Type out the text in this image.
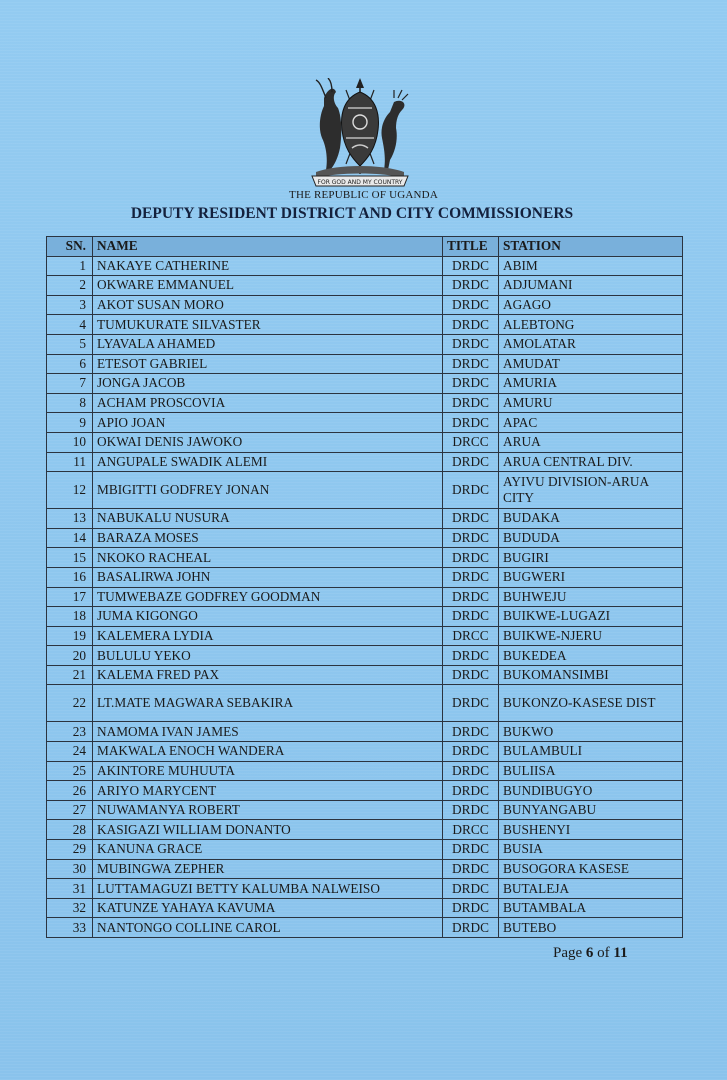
FOR GOD AND MY COUNTRY
THE REPUBLIC OF UGANDA
DEPUTY RESIDENT DISTRICT AND CITY COMMISSIONERS
SN.	NAME	TITLE	STATION
1	NAKAYE CATHERINE	DRDC	ABIM
2	OKWARE EMMANUEL	DRDC	ADJUMANI
3	AKOT SUSAN MORO	DRDC	AGAGO
4	TUMUKURATE SILVASTER	DRDC	ALEBTONG
5	LYAVALA AHAMED	DRDC	AMOLATAR
6	ETESOT GABRIEL	DRDC	AMUDAT
7	JONGA JACOB	DRDC	AMURIA
8	ACHAM PROSCOVIA	DRDC	AMURU
9	APIO JOAN	DRDC	APAC
10	OKWAI DENIS JAWOKO	DRCC	ARUA
11	ANGUPALE SWADIK ALEMI	DRDC	ARUA CENTRAL DIV.
12	MBIGITTI GODFREY JONAN	DRDC	AYIVU DIVISION-ARUA CITY
13	NABUKALU NUSURA	DRDC	BUDAKA
14	BARAZA MOSES	DRDC	BUDUDA
15	NKOKO RACHEAL	DRDC	BUGIRI
16	BASALIRWA JOHN	DRDC	BUGWERI
17	TUMWEBAZE GODFREY GOODMAN	DRDC	BUHWEJU
18	JUMA KIGONGO	DRDC	BUIKWE-LUGAZI
19	KALEMERA LYDIA	DRCC	BUIKWE-NJERU
20	BULULU YEKO	DRDC	BUKEDEA
21	KALEMA FRED PAX	DRDC	BUKOMANSIMBI
22	LT.MATE MAGWARA SEBAKIRA	DRDC	BUKONZO-KASESE DIST
23	NAMOMA IVAN JAMES	DRDC	BUKWO
24	MAKWALA ENOCH WANDERA	DRDC	BULAMBULI
25	AKINTORE MUHUUTA	DRDC	BULIISA
26	ARIYO MARYCENT	DRDC	BUNDIBUGYO
27	NUWAMANYA ROBERT	DRDC	BUNYANGABU
28	KASIGAZI WILLIAM DONANTO	DRCC	BUSHENYI
29	KANUNA GRACE	DRDC	BUSIA
30	MUBINGWA ZEPHER	DRDC	BUSOGORA KASESE
31	LUTTAMAGUZI BETTY KALUMBA NALWEISO	DRDC	BUTALEJA
32	KATUNZE YAHAYA KAVUMA	DRDC	BUTAMBALA
33	NANTONGO COLLINE CAROL	DRDC	BUTEBO
Page 6 of 11
